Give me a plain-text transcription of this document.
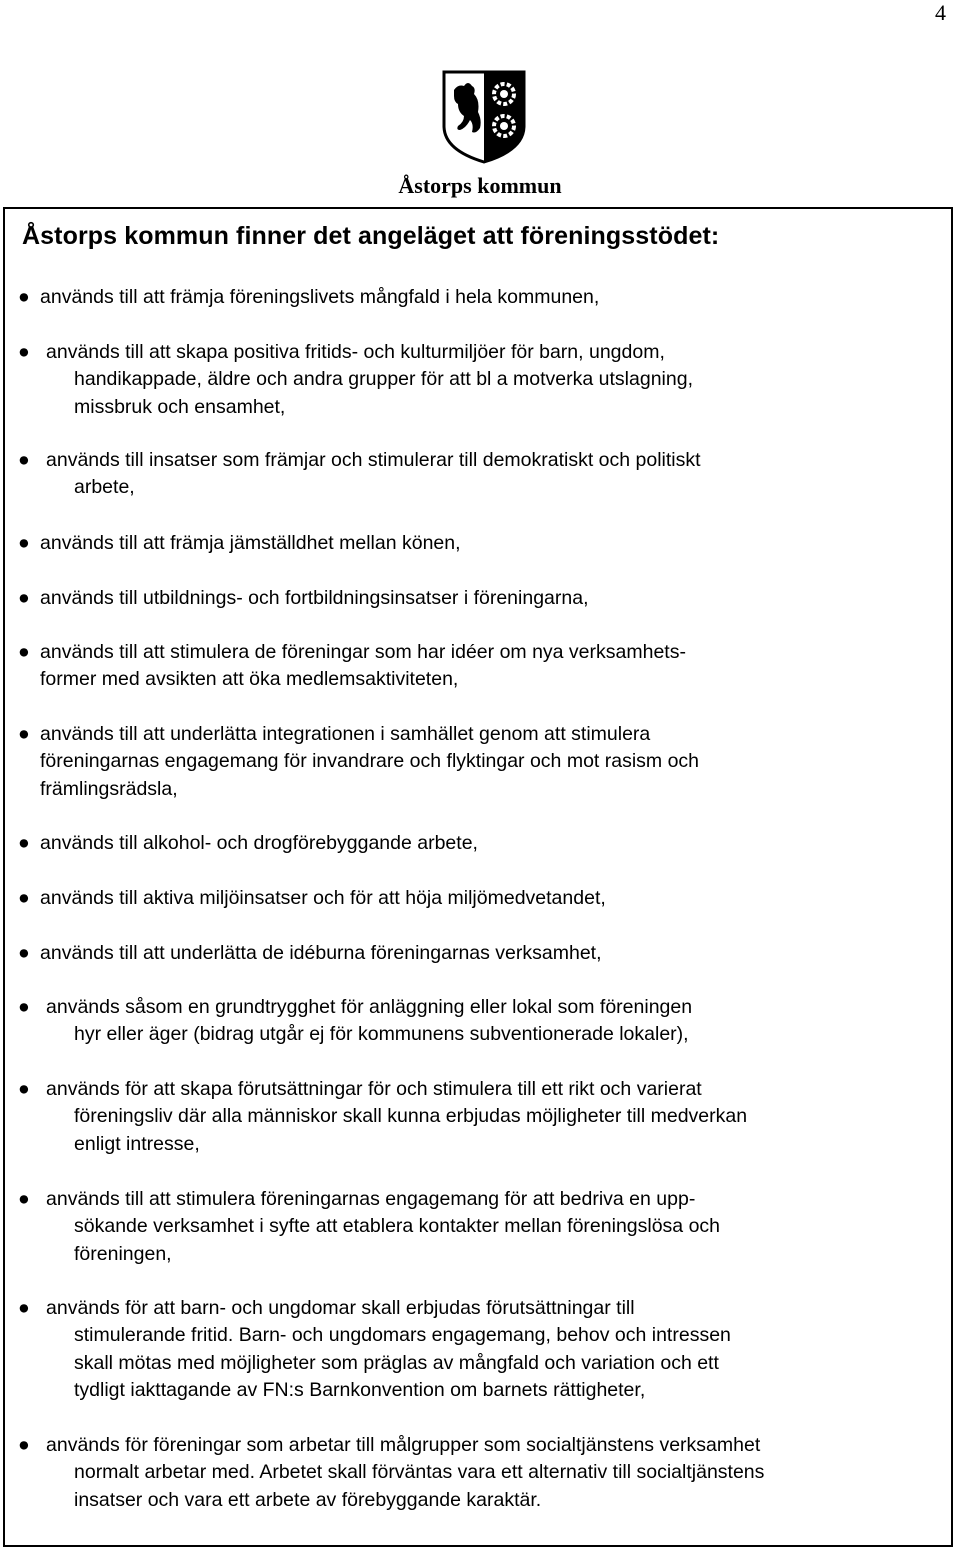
4
Åstorps kommun
Åstorps kommun finner det angeläget att föreningsstödet:
● används till att främja föreningslivets mångfald i hela kommunen,
● används till att skapa positiva fritids- och kulturmiljöer för barn, ungdom,
handikappade, äldre och andra grupper för att bl a motverka utslagning,
missbruk och ensamhet,
● används till insatser som främjar och stimulerar till demokratiskt och politiskt
arbete,
● används till att främja jämställdhet mellan könen,
● används till utbildnings- och fortbildningsinsatser i föreningarna,
● används till att stimulera de föreningar som har idéer om nya verksamhets-
former med avsikten att öka medlemsaktiviteten,
● används till att underlätta integrationen i samhället genom att stimulera
föreningarnas engagemang för invandrare och flyktingar och mot rasism och
främlingsrädsla,
● används till alkohol- och drogförebyggande arbete,
● används till aktiva miljöinsatser och för att höja miljömedvetandet,
● används till att underlätta de idéburna föreningarnas verksamhet,
● används såsom en grundtrygghet för anläggning eller lokal som föreningen
hyr eller äger (bidrag utgår ej för kommunens subventionerade lokaler),
● används för att skapa förutsättningar för och stimulera till ett rikt och varierat
föreningsliv där alla människor skall kunna erbjudas möjligheter till medverkan
enligt intresse,
● används till att stimulera föreningarnas engagemang för att bedriva en upp-
sökande verksamhet i syfte att etablera kontakter mellan föreningslösa och
föreningen,
● används för att barn- och ungdomar skall erbjudas förutsättningar till
stimulerande fritid. Barn- och ungdomars engagemang, behov och intressen
skall mötas med möjligheter som präglas av mångfald och variation och ett
tydligt iakttagande av FN:s Barnkonvention om barnets rättigheter,
● används för föreningar som arbetar till målgrupper som socialtjänstens verksamhet
normalt arbetar med. Arbetet skall förväntas vara ett alternativ till socialtjänstens
insatser och vara ett arbete av förebyggande karaktär.
